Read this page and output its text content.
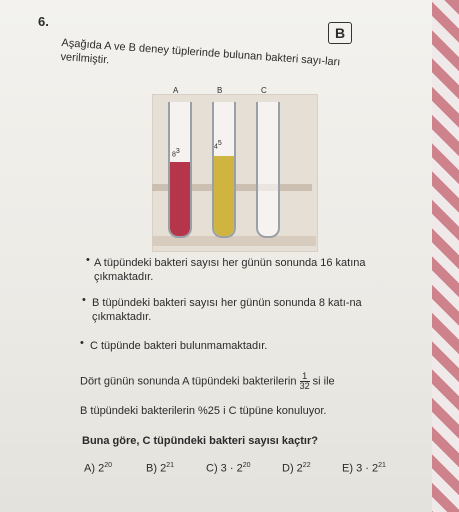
6.
B
Aşağıda A ve B deney tüplerinde bulunan bakteri sayı-ları verilmiştir.
A
$8^3$
B
$4^5$
C
• A tüpündeki bakteri sayısı her günün sonunda 16 katına çıkmaktadır.
• B tüpündeki bakteri sayısı her günün sonunda 8 katı-na çıkmaktadır.
• C tüpünde bakteri bulunmamaktadır.
Dört günün sonunda A tüpündeki bakterilerin $\frac{1}{32}$ si ile
B tüpündeki bakterilerin %25 i C tüpüne konuluyor.
Buna göre, C tüpündeki bakteri sayısı kaçtır?
A) $2^{20}$	B) $2^{21}$	C) $3 \cdot 2^{20}$	D) $2^{22}$	E) $3 \cdot 2^{21}$
